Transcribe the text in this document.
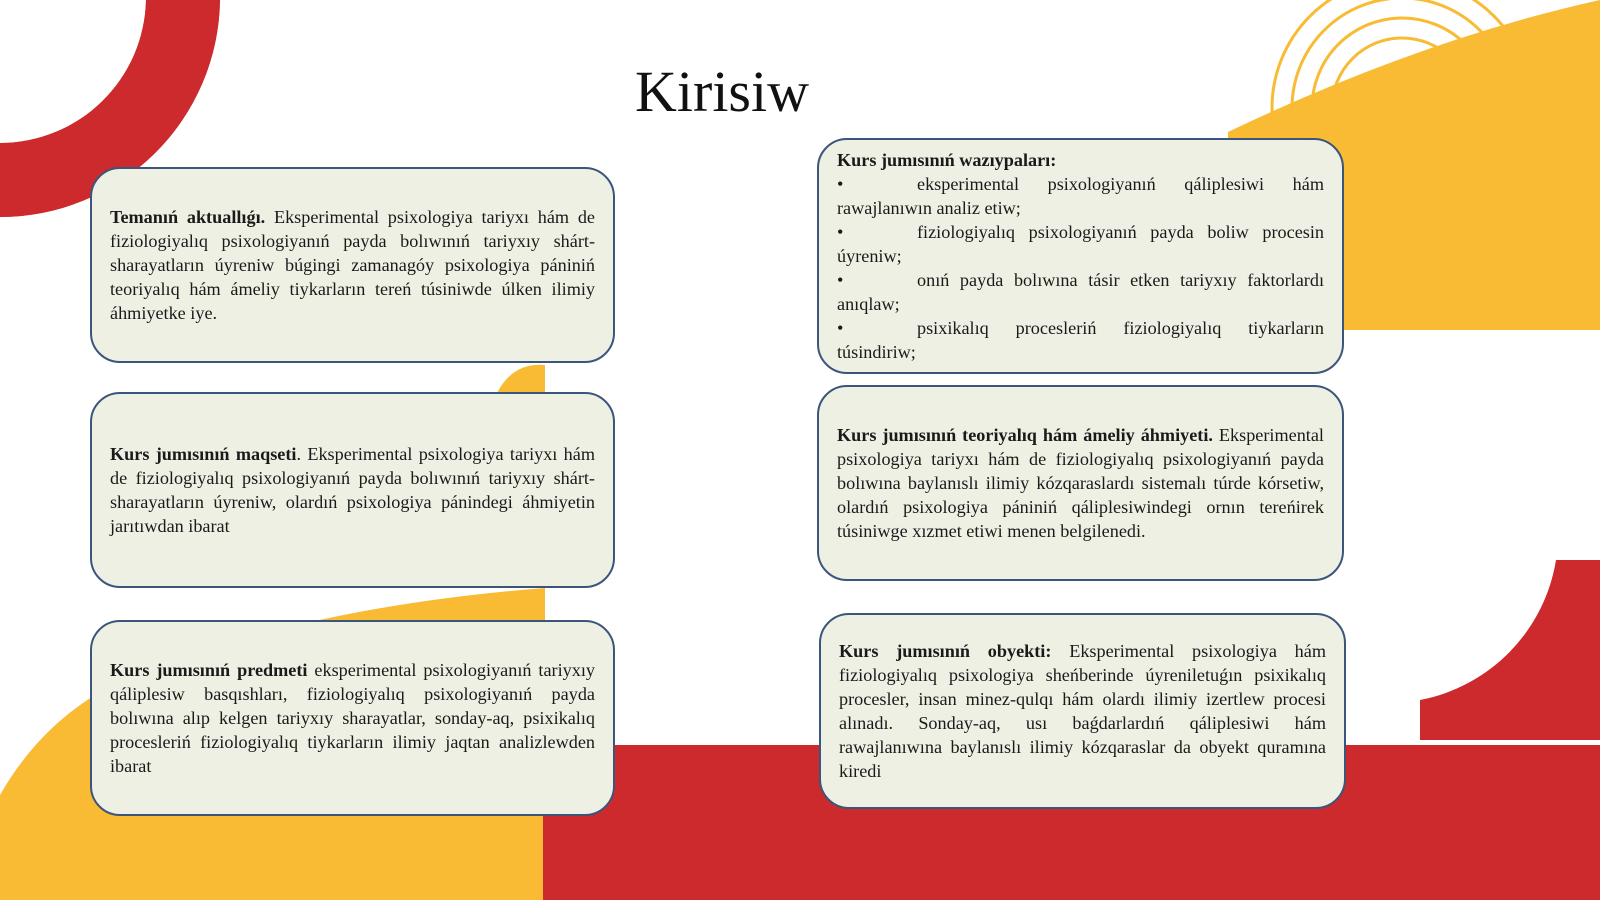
Kirisiw

Temanıń aktuallıǵı. Eksperimental psixologiya tariyxı hám de fiziologiyalıq psixologiyanıń payda bolıwınıń tariyxıy shárt-sharayatların úyreniw búgingi zamanagóy psixologiya pániniń teoriyalıq hám ámeliy tiykarların tereń túsiniwde úlken ilimiy áhmiyetke iye.

Kurs jumısınıń maqseti. Eksperimental psixologiya tariyxı hám de fiziologiyalıq psixologiyanıń payda bolıwınıń tariyxıy shárt-sharayatların úyreniw, olardıń psixologiya pánindegi áhmiyetin jarıtıwdan ibarat

Kurs jumısınıń predmeti eksperimental psixologiyanıń tariyxıy qáliplesiw basqıshları, fiziologiyalıq psixologiyanıń payda bolıwına alıp kelgen tariyxıy sharayatlar, sonday-aq, psixikalıq procesleriń fiziologiyalıq tiykarların ilimiy jaqtan analizlewden ibarat

Kurs jumısınıń wazıypaları:

•	eksperimental psixologiyanıń qáliplesiwi hám rawajlanıwın analiz etiw;
•	fiziologiyalıq psixologiyanıń payda boliw procesin úyreniw;
•	onıń payda bolıwına tásir etken tariyxıy faktorlardı anıqlaw;
•	psixikalıq procesleriń fiziologiyalıq tiykarların túsindiriw;

Kurs jumısınıń teoriyalıq hám ámeliy áhmiyeti. Eksperimental psixologiya tariyxı hám de fiziologiyalıq psixologiyanıń payda bolıwına baylanıslı ilimiy kózqaraslardı sistemalı túrde kórsetiw, olardıń psixologiya pániniń qáliplesiwindegi ornın tereńirek túsiniwge xızmet etiwi menen belgilenedi.

Kurs jumısınıń obyekti: Eksperimental psixologiya hám fiziologiyalıq psixologiya sheńberinde úyreniletuǵın psixikalıq procesler, insan minez-qulqı hám olardı ilimiy izertlew procesi alınadı. Sonday-aq, usı baǵdarlardıń qáliplesiwi hám rawajlanıwına baylanıslı ilimiy kózqaraslar da obyekt quramına kiredi
